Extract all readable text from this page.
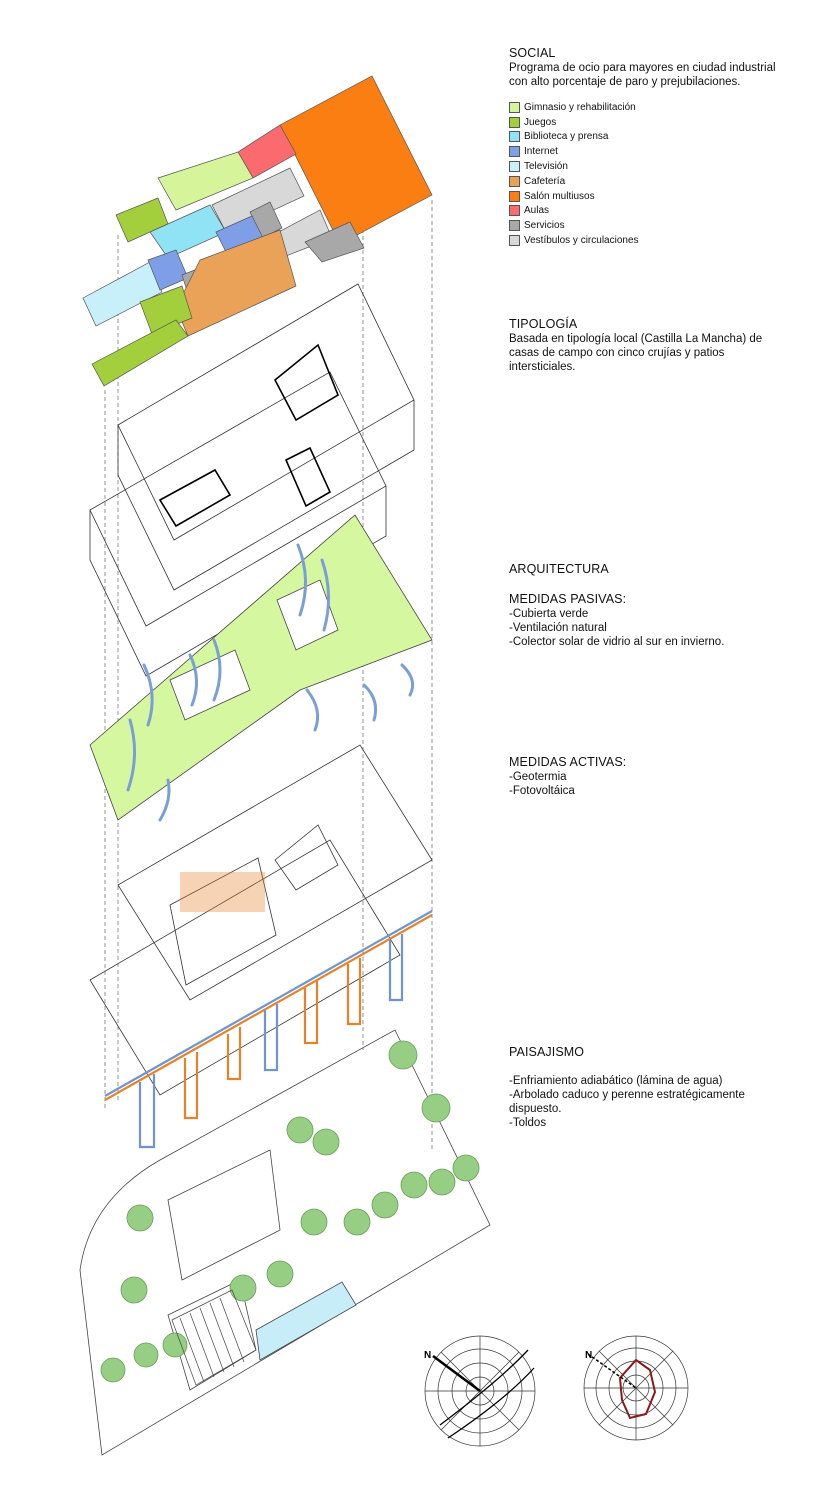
N	N
SOCIAL
Programa de ocio para mayores en ciudad industrial
con alto porcentaje de paro y prejubilaciones.
Gimnasio y rehabilitación
Juegos
Biblioteca y prensa
Internet
Televisión
Cafetería
Salón multiusos
Aulas
Servicios
Vestíbulos y circulaciones
TIPOLOGÍA
Basada en tipología local (Castilla La Mancha) de
casas de campo con cinco crujías y patios
intersticiales.
ARQUITECTURA
MEDIDAS PASIVAS:
-Cubierta verde
-Ventilación natural
-Colector solar de vidrio al sur en invierno.
MEDIDAS ACTIVAS:
-Geotermia
-Fotovoltáica
PAISAJISMO
-Enfriamiento adiabático (lámina de agua)
-Arbolado caduco y perenne estratégicamente
dispuesto.
-Toldos
